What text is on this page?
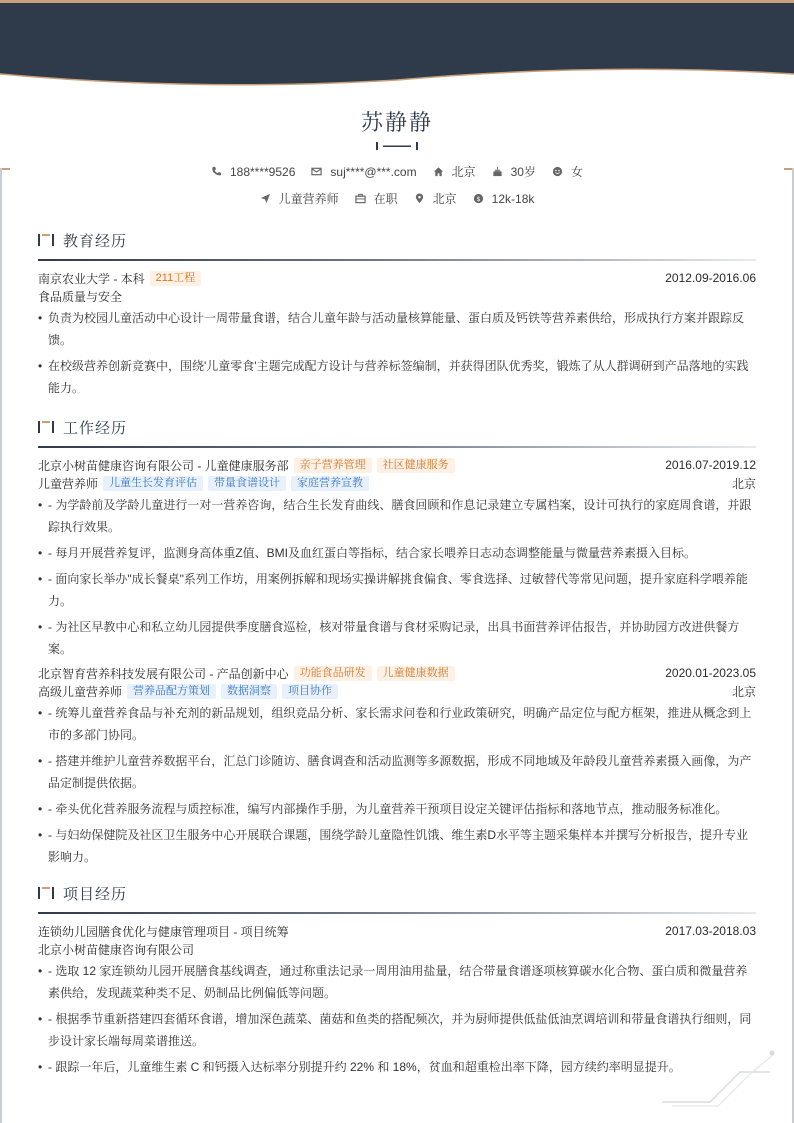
苏静静
188****9526	suj****@***.com	北京	30岁	女
儿童营养师	在职	北京	$ 12k-18k
教育经历
南京农业大学 - 本科	211工程	2012.09-2016.06
食品质量与安全
• 负责为校园儿童活动中心设计一周带量食谱，结合儿童年龄与活动量核算能量、蛋白质及钙铁等营养素供给，形成执行方案并跟踪反馈。
• 在校级营养创新竞赛中，围绕'儿童零食'主题完成配方设计与营养标签编制，并获得团队优秀奖，锻炼了从人群调研到产品落地的实践能力。
工作经历
北京小树苗健康咨询有限公司 - 儿童健康服务部	亲子营养管理	社区健康服务	2016.07-2019.12
儿童营养师	儿童生长发育评估	带量食谱设计	家庭营养宣教	北京
• - 为学龄前及学龄儿童进行一对一营养咨询，结合生长发育曲线、膳食回顾和作息记录建立专属档案，设计可执行的家庭周食谱，并跟踪执行效果。
• - 每月开展营养复评，监测身高体重Z值、BMI及血红蛋白等指标，结合家长喂养日志动态调整能量与微量营养素摄入目标。
• - 面向家长举办"成长餐桌"系列工作坊，用案例拆解和现场实操讲解挑食偏食、零食选择、过敏替代等常见问题，提升家庭科学喂养能力。
• - 为社区早教中心和私立幼儿园提供季度膳食巡检，核对带量食谱与食材采购记录，出具书面营养评估报告，并协助园方改进供餐方案。
北京智育营养科技发展有限公司 - 产品创新中心	功能食品研发	儿童健康数据	2020.01-2023.05
高级儿童营养师	营养品配方策划	数据洞察	项目协作	北京
• - 统筹儿童营养食品与补充剂的新品规划，组织竞品分析、家长需求问卷和行业政策研究，明确产品定位与配方框架，推进从概念到上市的多部门协同。
• - 搭建并维护儿童营养数据平台，汇总门诊随访、膳食调查和活动监测等多源数据，形成不同地域及年龄段儿童营养素摄入画像，为产品定制提供依据。
• - 牵头优化营养服务流程与质控标准，编写内部操作手册，为儿童营养干预项目设定关键评估指标和落地节点，推动服务标准化。
• - 与妇幼保健院及社区卫生服务中心开展联合课题，围绕学龄儿童隐性饥饿、维生素D水平等主题采集样本并撰写分析报告，提升专业影响力。
项目经历
连锁幼儿园膳食优化与健康管理项目 - 项目统筹	2017.03-2018.03
北京小树苗健康咨询有限公司
• - 选取 12 家连锁幼儿园开展膳食基线调查，通过称重法记录一周用油用盐量，结合带量食谱逐项核算碳水化合物、蛋白质和微量营养素供给，发现蔬菜种类不足、奶制品比例偏低等问题。
• - 根据季节重新搭建四套循环食谱，增加深色蔬菜、菌菇和鱼类的搭配频次，并为厨师提供低盐低油烹调培训和带量食谱执行细则，同步设计家长端每周菜谱推送。
• - 跟踪一年后，儿童维生素 C 和钙摄入达标率分别提升约 22% 和 18%，贫血和超重检出率下降，园方续约率明显提升。
